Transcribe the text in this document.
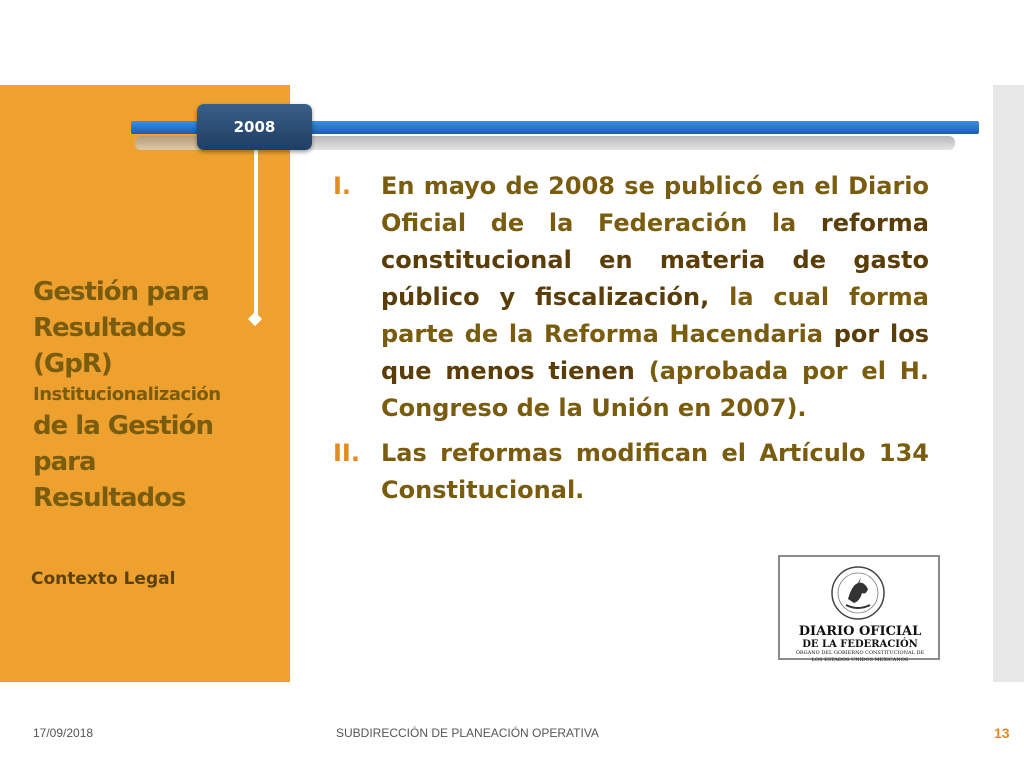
2008
Gestión para
Resultados
(GpR)
Institucionalización
de la Gestión
para
Resultados
Contexto Legal
I.	En mayo de 2008 se publicó en el Diario Oficial de la Federación la reforma constitucional en materia de gasto público y fiscalización, la cual forma parte de la Reforma Hacendaria por los que menos tienen (aprobada por el H. Congreso de la Unión en 2007).
II. Las reformas modifican el Artículo 134 Constitucional.
DIARIO OFICIAL
DE LA FEDERACIÓN
ÓRGANO DEL GOBIERNO CONSTITUCIONAL DE LOS ESTADOS UNIDOS MEXICANOS
17/09/2018	SUBDIRECCIÓN DE PLANEACIÓN OPERATIVA	13
